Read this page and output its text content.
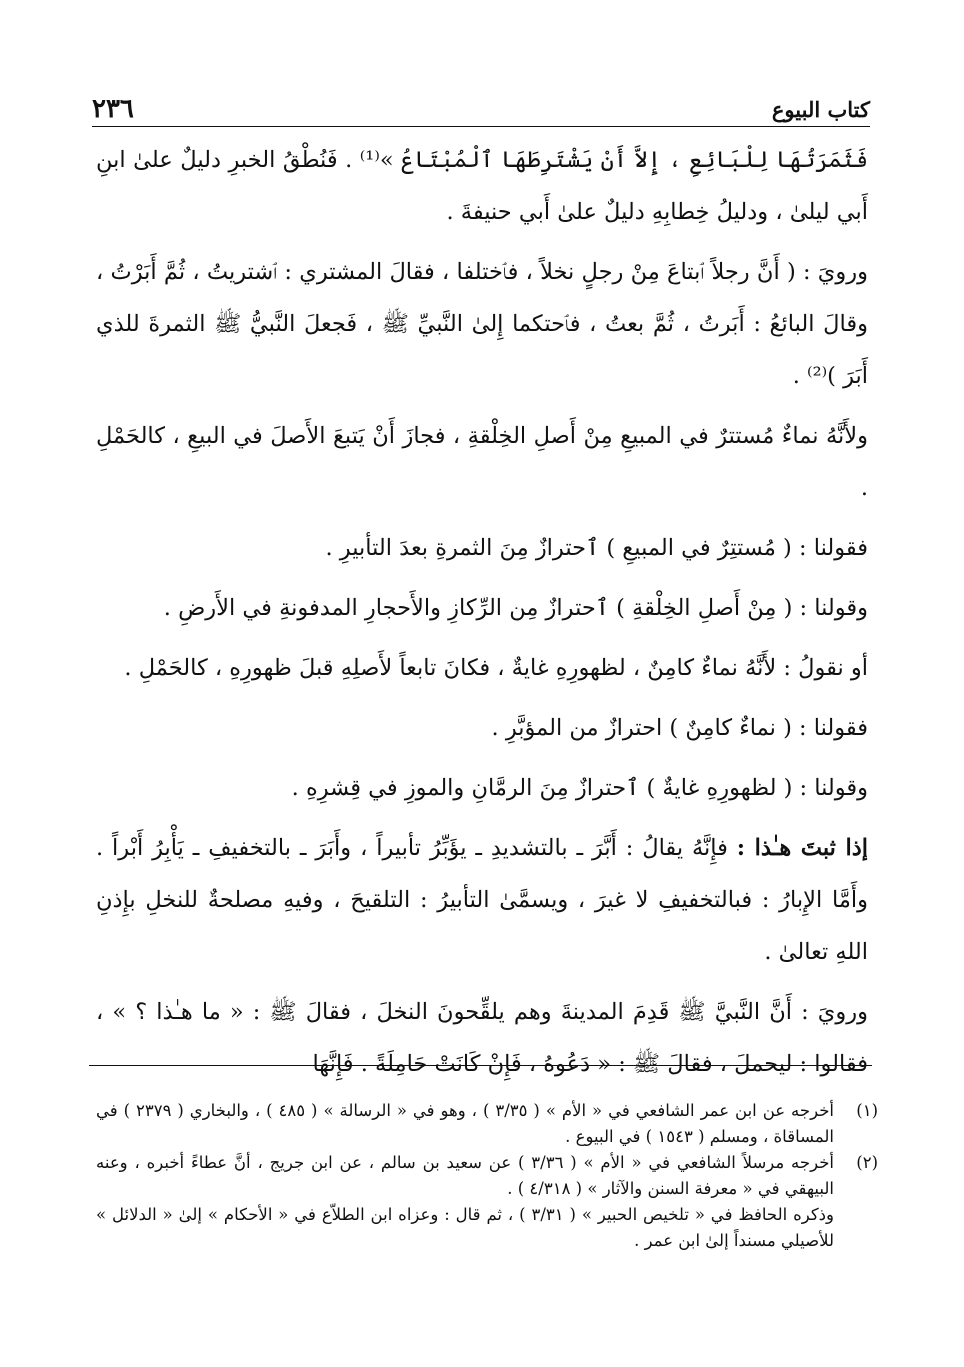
٢٣٦	كتاب البيوع

فَثَمَرَتُهَا لِلْبَائِعِ ، إِلاَّ أَنْ يَشْتَرِطَهَا ٱلْمُبْتَاعُ »⁽¹⁾ . فَنُطْقُ الخبرِ دليلٌ علىٰ ابنِ أَبي ليلىٰ ، ودليلُ خِطابِهِ دليلٌ علىٰ أَبي حنيفةَ .

ورويَ : ( أَنَّ رجلاً ٱبتاعَ مِنْ رجلٍ نخلاً ، فٱختلفا ، فقالَ المشتري : ٱشتريتُ ، ثُمَّ أَبَرْتُ ، وقالَ البائعُ : أَبَرتُ ، ثُمَّ بعتُ ، فٱحتكما إِلىٰ النَّبيِّ ﷺ ، فَجعلَ النَّبيُّ ﷺ الثمرةَ للذي أَبَرَ )⁽²⁾ .

ولأَنَّهُ نماءٌ مُستترٌ في المبيعِ مِنْ أَصلِ الخِلْقةِ ، فجازَ أَنْ يَتبعَ الأَصلَ في البيعِ ، كالحَمْلِ .

فقولنا : ( مُستتِرٌ في المبيعِ ) ٱحترازٌ مِنَ الثمرةِ بعدَ التأبيرِ .

وقولنا : ( مِنْ أَصلِ الخِلْقةِ ) ٱحترازٌ مِن الرِّكازِ والأَحجارِ المدفونةِ في الأَرضِ .

أو نقولُ : لأَنَّهُ نماءٌ كامِنٌ ، لظهورِهِ غايةٌ ، فكانَ تابعاً لأَصلِهِ قبلَ ظهورِهِ ، كالحَمْلِ .

فقولنا : ( نماءٌ كامِنٌ ) احترازٌ من المؤبَّرِ .

وقولنا : ( لظهورِهِ غايةٌ ) ٱحترازٌ مِنَ الرمَّانِ والموزِ في قِشرِهِ .

إذا ثبتَ هـٰذا : فإِنَّهُ يقالُ : أَبَّرَ ـ بالتشديدِ ـ يؤَبِّرُ تأبيراً ، وأَبَرَ ـ بالتخفيفِ ـ يَأْبِرُ أَبْراً . وأَمَّا الإِبارُ : فبالتخفيفِ لا غيرَ ، ويسمَّىٰ التأبيرُ : التلقيحَ ، وفيهِ مصلحةٌ للنخلِ بإِذنِ اللهِ تعالىٰ .

ورويَ : أَنَّ النَّبيَّ ﷺ قَدِمَ المدينةَ وهم يلقِّحونَ النخلَ ، فقالَ ﷺ : « ما هـٰذا ؟ » ، فقالوا : ليحملَ ، فقالَ ﷺ : « دَعُوهُ ، فَإِنْ كَانَتْ حَامِلَةً . فَإِنَّهَا

(١)
أخرجه عن ابن عمر الشافعي في « الأم » ( ٣/٣٥ ) ، وهو في « الرسالة » ( ٤٨٥ ) ، والبخاري ( ٢٣٧٩ ) في المساقاة ، ومسلم ( ١٥٤٣ ) في البيوع .
(٢)
أخرجه مرسلاً الشافعي في « الأم » ( ٣/٣٦ ) عن سعيد بن سالم ، عن ابن جريج ، أنَّ عطاءً أخبره ، وعنه البيهقي في « معرفة السنن والآثار » ( ٤/٣١٨ ) .
وذكره الحافظ في « تلخيص الحبير » ( ٣/٣١ ) ، ثم قال : وعزاه ابن الطلاّع في « الأحكام » إلىٰ « الدلائل » للأصيلي مسنداً إلىٰ ابن عمر .
